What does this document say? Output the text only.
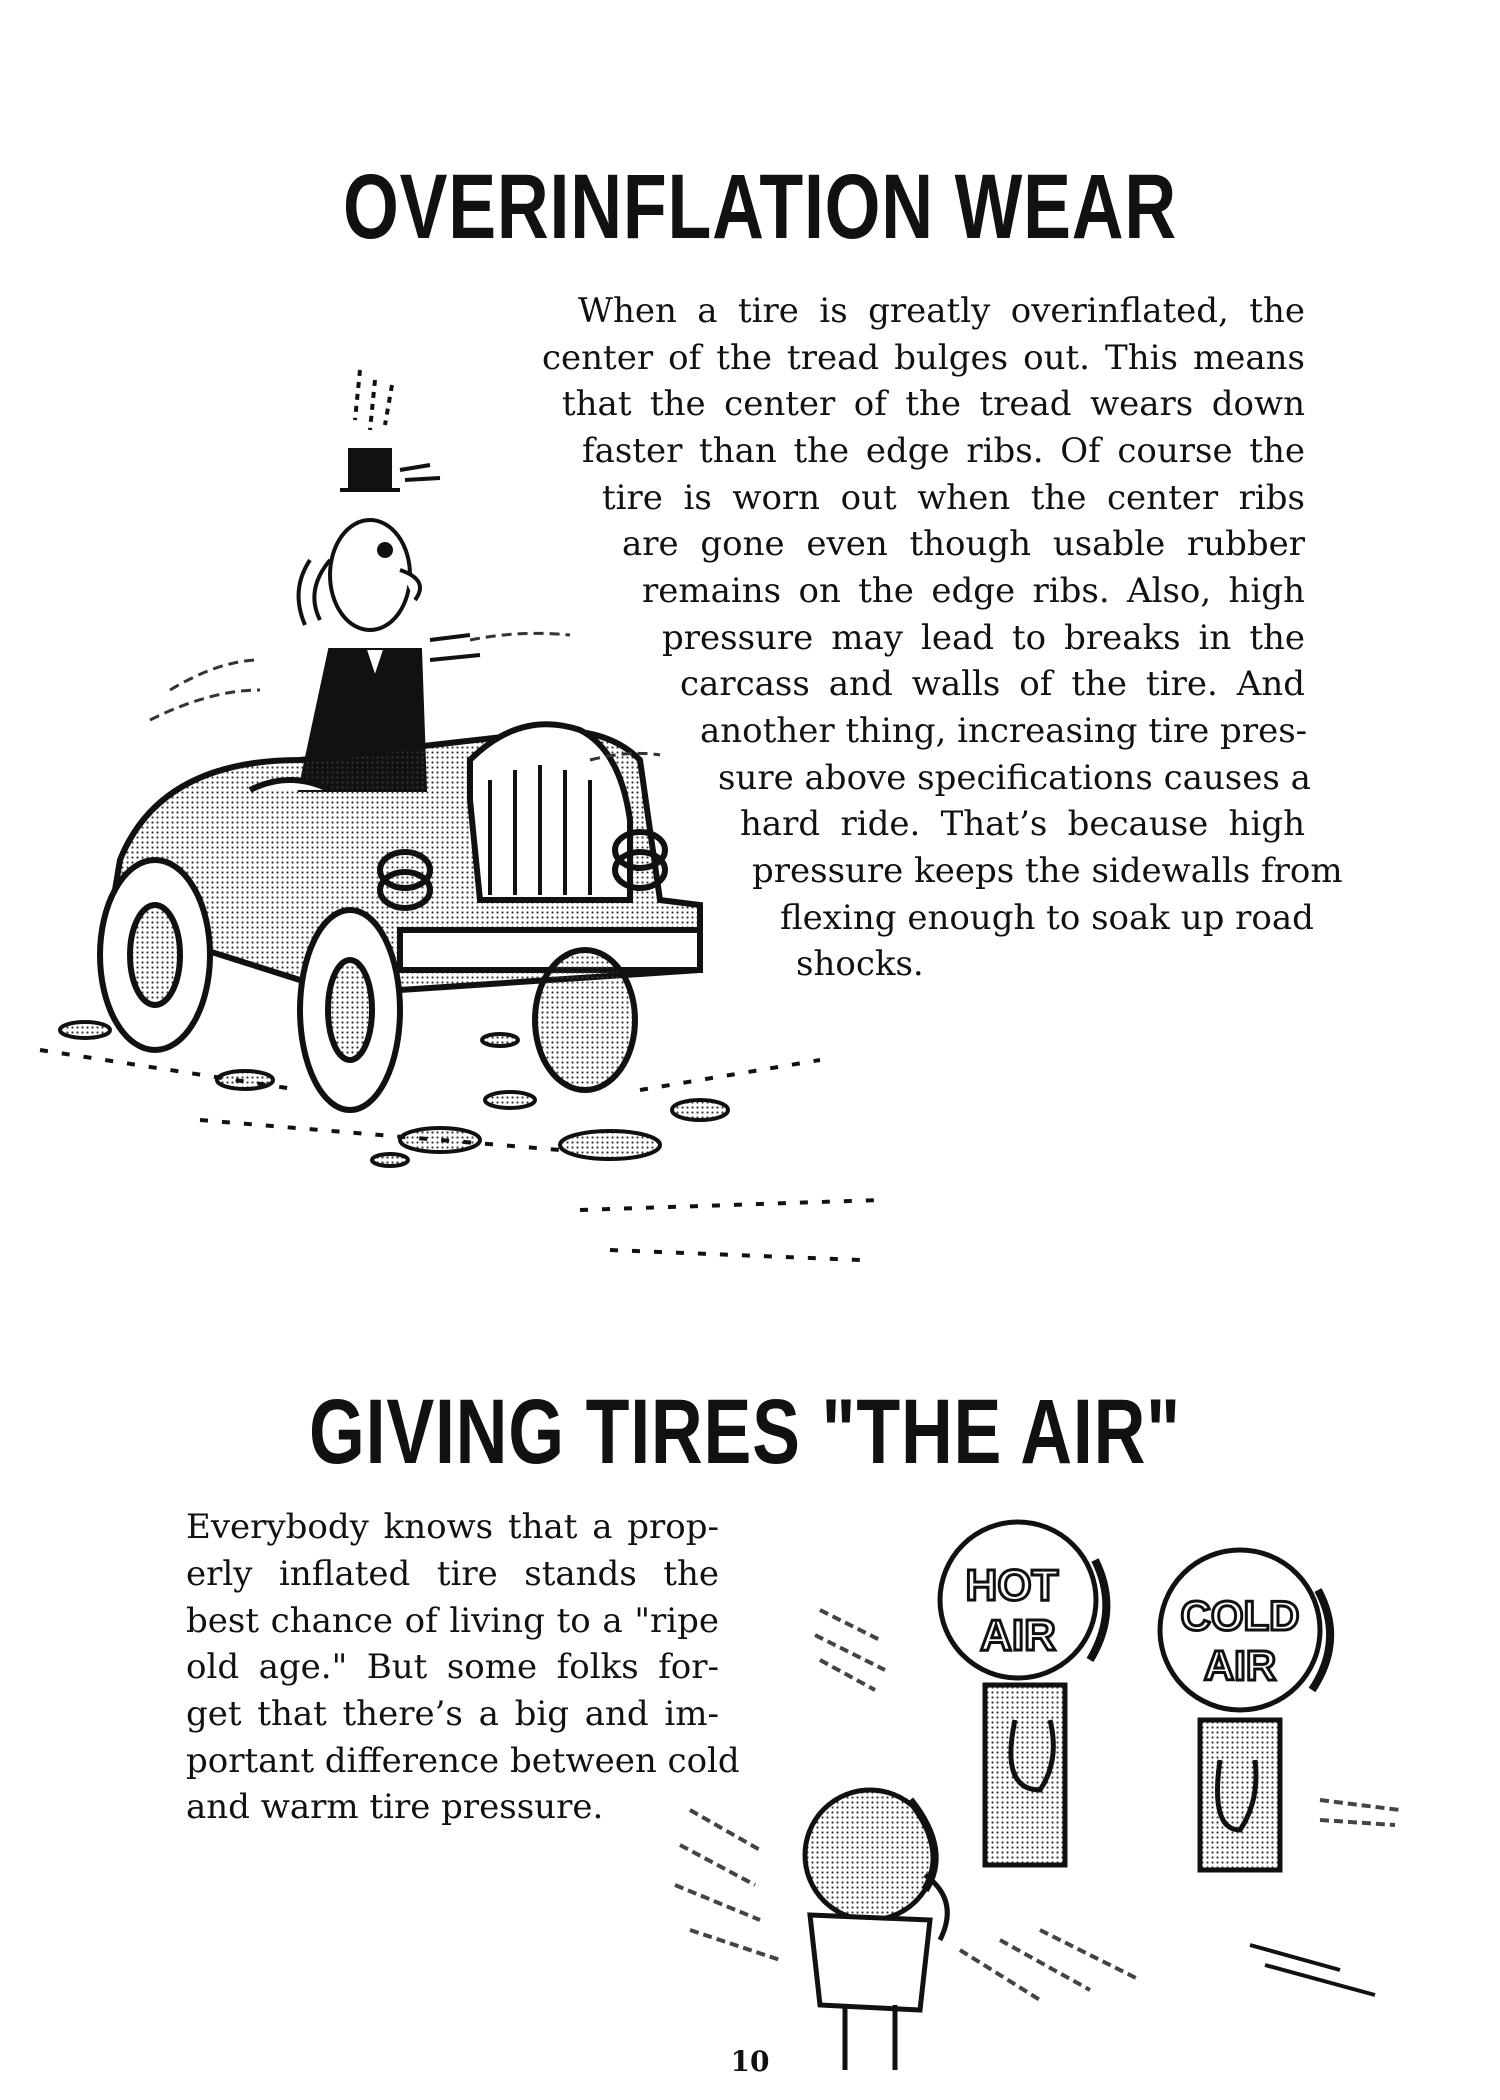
OVERINFLATION WEAR
When a tire is greatly overinflated, the
center of the tread bulges out. This means
that the center of the tread wears down
faster than the edge ribs. Of course the
tire is worn out when the center ribs
are gone even though usable rubber
remains on the edge ribs. Also, high
pressure may lead to breaks in the
carcass and walls of the tire. And
another thing, increasing tire pres-
sure above specifications causes a
hard ride. That’s because high
pressure keeps the sidewalls from
flexing enough to soak up road
shocks.
GIVING TIRES "THE AIR"
Everybody knows that a prop-
erly inflated tire stands the
best chance of living to a "ripe
old age." But some folks for-
get that there’s a big and im-
portant difference between cold
and warm tire pressure.
HOT
AIR	COLD
AIR
10
